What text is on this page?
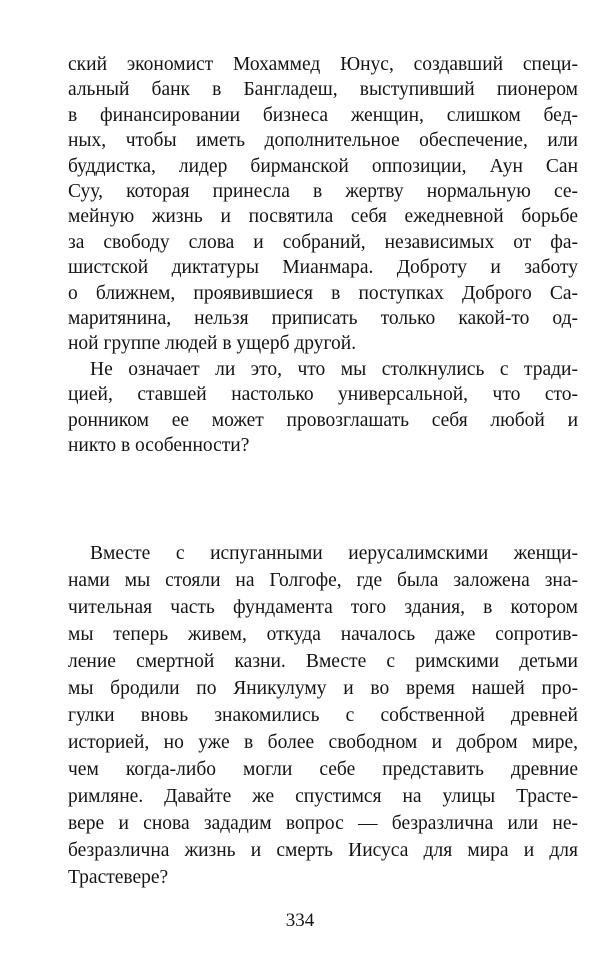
ский экономист Мохаммед Юнус, создавший специ-
альный банк в Бангладеш, выступивший пионером
в финансировании бизнеса женщин, слишком бед-
ных, чтобы иметь дополнительное обеспечение, или
буддистка, лидер бирманской оппозиции, Аун Сан
Суу, которая принесла в жертву нормальную се-
мейную жизнь и посвятила себя ежедневной борьбе
за свободу слова и собраний, независимых от фа-
шистской диктатуры Мианмара. Доброту и заботу
о ближнем, проявившиеся в поступках Доброго Са-
маритянина, нельзя приписать только какой-то од-
ной группе людей в ущерб другой.
Не означает ли это, что мы столкнулись с тради-
цией, ставшей настолько универсальной, что сто-
ронником ее может провозглашать себя любой и
никто в особенности?
Вместе с испуганными иерусалимскими женщи-
нами мы стояли на Голгофе, где была заложена зна-
чительная часть фундамента того здания, в котором
мы теперь живем, откуда началось даже сопротив-
ление смертной казни. Вместе с римскими детьми
мы бродили по Яникулуму и во время нашей про-
гулки вновь знакомились с собственной древней
историей, но уже в более свободном и добром мире,
чем когда-либо могли себе представить древние
римляне. Давайте же спустимся на улицы Трасте-
вере и снова зададим вопрос — безразлична или не-
безразлична жизнь и смерть Иисуса для мира и для
Трастевере?
334
